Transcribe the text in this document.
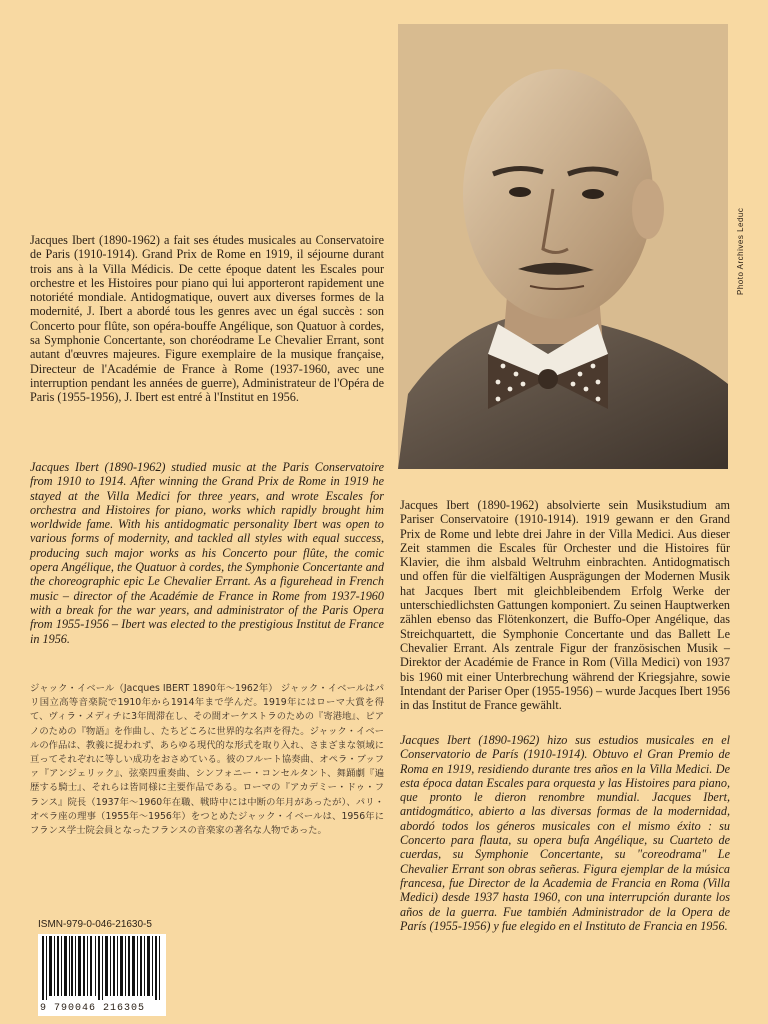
Photo Archives Leduc
Jacques Ibert (1890-1962) a fait ses études musicales au Conservatoire de Paris (1910-1914). Grand Prix de Rome en 1919, il séjourne durant trois ans à la Villa Médicis. De cette époque datent les Escales pour orchestre et les Histoires pour piano qui lui apporteront rapidement une notoriété mondiale. Antidogmatique, ouvert aux diverses formes de la modernité, J. Ibert a abordé tous les genres avec un égal succès : son Concerto pour flûte, son opéra-bouffe Angélique, son Quatuor à cordes, sa Symphonie Concertante, son choréodrame Le Chevalier Errant, sont autant d'œuvres majeures. Figure exemplaire de la musique française, Directeur de l'Académie de France à Rome (1937-1960, avec une interruption pendant les années de guerre), Administrateur de l'Opéra de Paris (1955-1956), J. Ibert est entré à l'Institut en 1956.
Jacques Ibert (1890-1962) studied music at the Paris Conservatoire from 1910 to 1914. After winning the Grand Prix de Rome in 1919 he stayed at the Villa Medici for three years, and wrote Escales for orchestra and Histoires for piano, works which rapidly brought him worldwide fame. With his antidogmatic personality Ibert was open to various forms of modernity, and tackled all styles with equal success, producing such major works as his Concerto pour flûte, the comic opera Angélique, the Quatuor à cordes, the Symphonie Concertante and the choreographic epic Le Chevalier Errant. As a figurehead in French music – director of the Académie de France in Rome from 1937-1960 with a break for the war years, and administrator of the Paris Opera from 1955-1956 – Ibert was elected to the prestigious Institut de France in 1956.
ジャック・イベール（Jacques IBERT 1890年〜1962年） ジャック・イベールはパリ国立高等音楽院で1910年から1914年まで学んだ。1919年にはローマ大賞を得て、ヴィラ・メディチに3年間滞在し、その間オーケストラのための『寄港地』、ピアノのための『物語』を作曲し、たちどころに世界的な名声を得た。ジャック・イベールの作品は、教義に捉われず、あらゆる現代的な形式を取り入れ、さまざまな領域に亘ってそれぞれに等しい成功をおさめている。彼のフルート協奏曲、オペラ・ブッファ『アンジェリック』、弦楽四重奏曲、シンフォニー・コンセルタント、舞踊劇『遍歴する騎士』、それらは皆同様に主要作品である。ローマの『アカデミー・ドゥ・フランス』院長（1937年〜1960年在職、戦時中には中断の年月があったが）、パリ・オペラ座の理事（1955年〜1956年）をつとめたジャック・イベールは、1956年にフランス学士院会員となったフランスの音楽家の著名な人物であった。
Jacques Ibert (1890-1962) absolvierte sein Musikstudium am Pariser Conservatoire (1910-1914). 1919 gewann er den Grand Prix de Rome und lebte drei Jahre in der Villa Medici. Aus dieser Zeit stammen die Escales für Orchester und die Histoires für Klavier, die ihm alsbald Weltruhm einbrachten. Antidogmatisch und offen für die vielfältigen Ausprägungen der Modernen Musik hat Jacques Ibert mit gleichbleibendem Erfolg Werke der unterschiedlichsten Gattungen komponiert. Zu seinen Hauptwerken zählen ebenso das Flötenkonzert, die Buffo-Oper Angélique, das Streichquartett, die Symphonie Concertante und das Ballett Le Chevalier Errant. Als zentrale Figur der französischen Musik – Direktor der Académie de France in Rom (Villa Medici) von 1937 bis 1960 mit einer Unterbrechung während der Kriegsjahre, sowie Intendant der Pariser Oper (1955-1956) – wurde Jacques Ibert 1956 in das Institut de France gewählt.
Jacques Ibert (1890-1962) hizo sus estudios musicales en el Conservatorio de París (1910-1914). Obtuvo el Gran Premio de Roma en 1919, residiendo durante tres años en la Villa Medici. De esta época datan Escales para orquesta y las Histoires para piano, que pronto le dieron renombre mundial. Jacques Ibert, antidogmático, abierto a las diversas formas de la modernidad, abordó todos los géneros musicales con el mismo éxito : su Concerto para flauta, su opera bufa Angélique, su Cuarteto de cuerdas, su Symphonie Concertante, su "coreodrama" Le Chevalier Errant son obras señeras. Figura ejemplar de la música francesa, fue Director de la Academia de Francia en Roma (Villa Medici) desde 1937 hasta 1960, con una interrupción durante los años de la guerra. Fue también Administrador de la Opera de París (1955-1956) y fue elegido en el Instituto de Francia en 1956.
ISMN-979-0-046-21630-5
9 790046 216305
